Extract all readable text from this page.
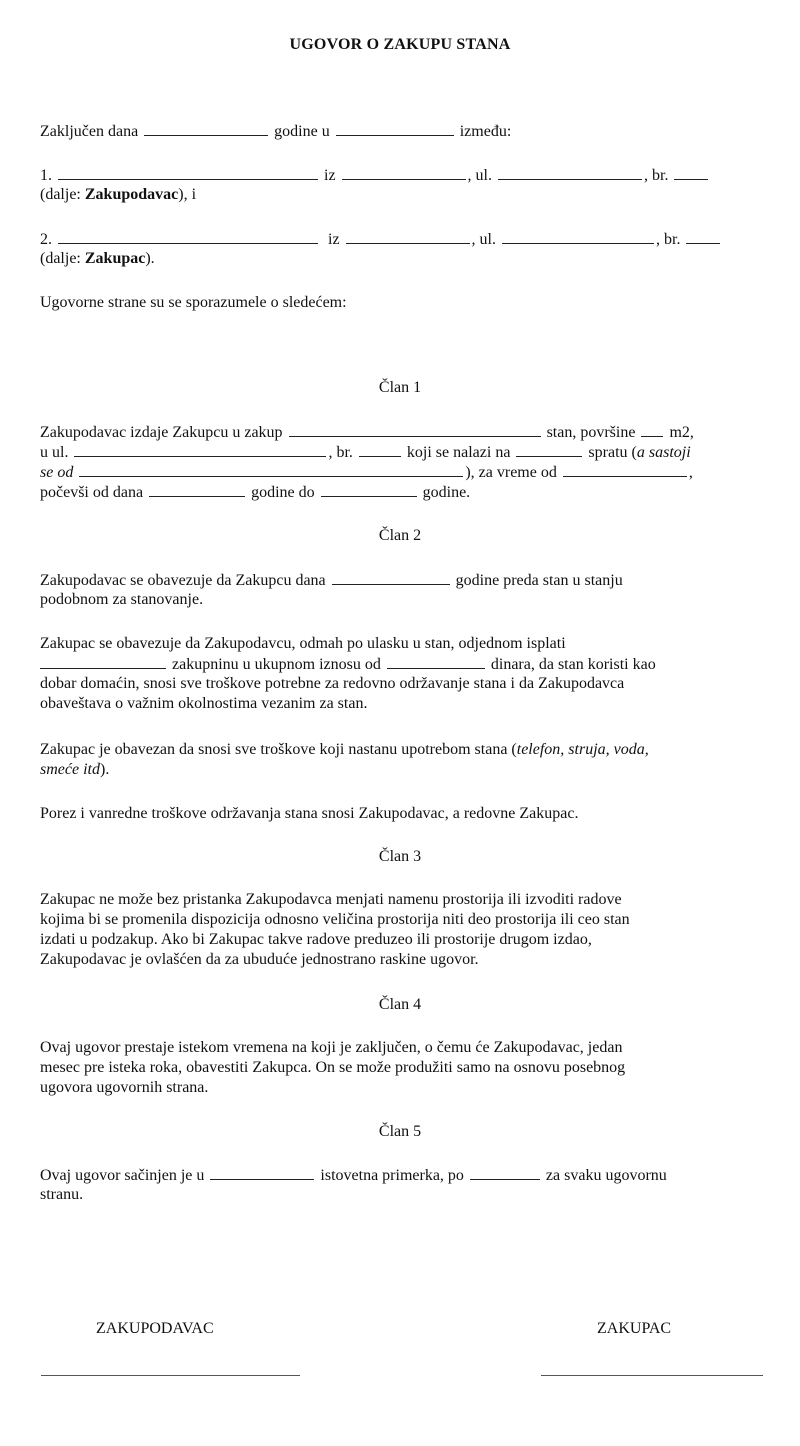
UGOVOR O ZAKUPU STANA
Zaključen dana	godine u	između:
1.	iz	, ul.	, br.
(dalje: Zakupodavac), i
2.	iz	, ul.	, br.
(dalje: Zakupac).
Ugovorne strane su se sporazumele o sledećem:
Član 1
Zakupodavac izdaje Zakupcu u zakup	stan, površine m2,
u ul.	, br.	koji se nalazi na	spratu (a sastoji
se od	), za vreme od	,
počevši od dana	godine do	godine.
Član 2
Zakupodavac se obavezuje da Zakupcu dana	godine preda stan u stanju
podobnom za stanovanje.
Zakupac se obavezuje da Zakupodavcu, odmah po ulasku u stan, odjednom isplati
zakupninu u ukupnom iznosu od	dinara, da stan koristi kao
dobar domaćin, snosi sve troškove potrebne za redovno održavanje stana i da Zakupodavca
obaveštava o važnim okolnostima vezanim za stan.
Zakupac je obavezan da snosi sve troškove koji nastanu upotrebom stana (telefon, struja, voda,
smeće itd).
Porez i vanredne troškove održavanja stana snosi Zakupodavac, a redovne Zakupac.
Član 3
Zakupac ne može bez pristanka Zakupodavca menjati namenu prostorija ili izvoditi radove
kojima bi se promenila dispozicija odnosno veličina prostorija niti deo prostorija ili ceo stan
izdati u podzakup. Ako bi Zakupac takve radove preduzeo ili prostorije drugom izdao,
Zakupodavac je ovlašćen da za ubuduće jednostrano raskine ugovor.
Član 4
Ovaj ugovor prestaje istekom vremena na koji je zaključen, o čemu će Zakupodavac, jedan
mesec pre isteka roka, obavestiti Zakupca. On se može produžiti samo na osnovu posebnog
ugovora ugovornih strana.
Član 5
Ovaj ugovor sačinjen je u	istovetna primerka, po	za svaku ugovornu
stranu.
ZAKUPODAVAC	ZAKUPAC
